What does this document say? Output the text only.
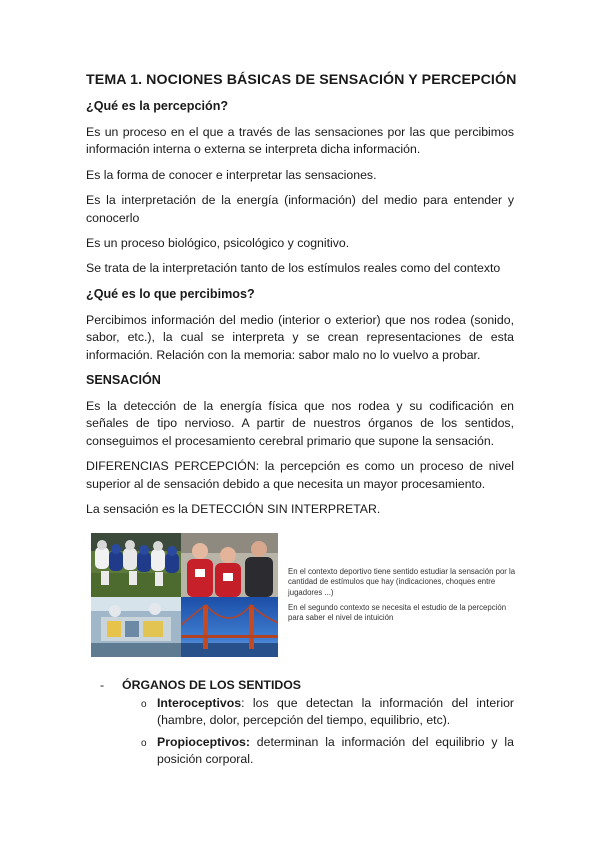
TEMA 1. NOCIONES BÁSICAS DE SENSACIÓN Y PERCEPCIÓN
¿Qué es la percepción?
Es un proceso en el que a través de las sensaciones por las que percibimos información interna o externa se interpreta dicha información.
Es la forma de conocer e interpretar las sensaciones.
Es la interpretación de la energía (información) del medio para entender y conocerlo
Es un proceso biológico, psicológico y cognitivo.
Se trata de la interpretación tanto de los estímulos reales como del contexto
¿Qué es lo que percibimos?
Percibimos información del medio (interior o exterior) que nos rodea (sonido, sabor, etc.), la cual se interpreta y se crean representaciones de esta información. Relación con la memoria: sabor malo no lo vuelvo a probar.
SENSACIÓN
Es la detección de la energía física que nos rodea y su codificación en señales de tipo nervioso. A partir de nuestros órganos de los sentidos, conseguimos el procesamiento cerebral primario que supone la sensación.
DIFERENCIAS PERCEPCIÓN: la percepción es como un proceso de nivel superior al de sensación debido a que necesita un mayor procesamiento.
La sensación es la DETECCIÓN SIN INTERPRETAR.
En el contexto deportivo tiene sentido estudiar la sensación por la cantidad de estímulos que hay (indicaciones, choques entre jugadores ...)
En el segundo contexto se necesita el estudio de la percepción para saber el nivel de intuición
- ÓRGANOS DE LOS SENTIDOS
o Interoceptivos: los que detectan la información del interior (hambre, dolor, percepción del tiempo, equilibrio, etc).
o Propioceptivos: determinan la información del equilibrio y la posición corporal.
